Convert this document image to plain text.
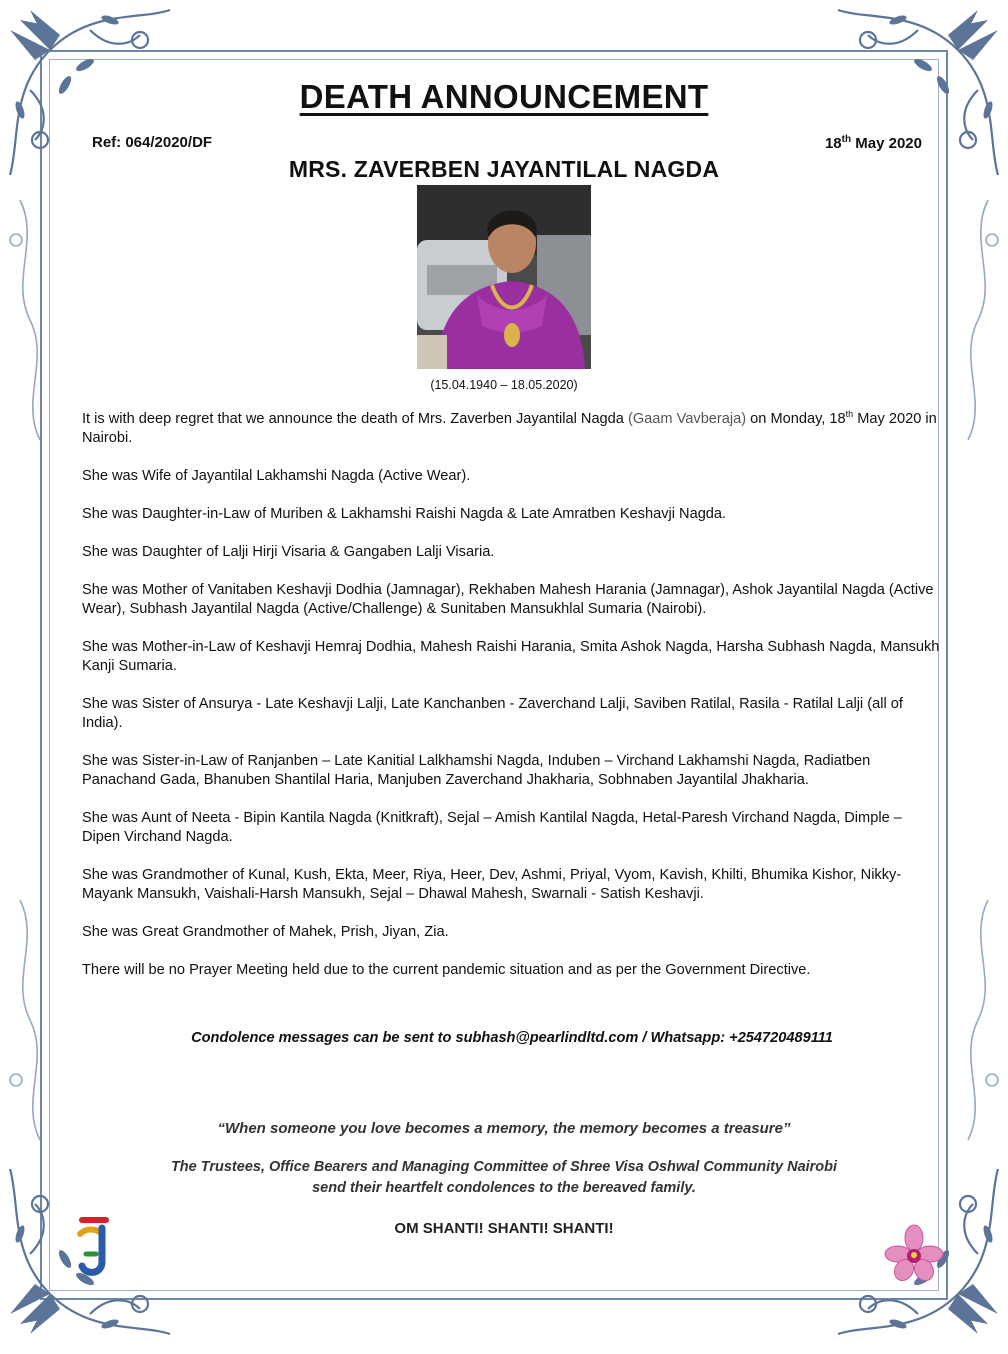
DEATH ANNOUNCEMENT
Ref: 064/2020/DF	18th May 2020
MRS. ZAVERBEN JAYANTILAL NAGDA
(15.04.1940 – 18.05.2020)

It is with deep regret that we announce the death of Mrs. Zaverben Jayantilal Nagda (Gaam Vavberaja) on Monday, 18th May 2020 in Nairobi.

She was Wife of Jayantilal Lakhamshi Nagda (Active Wear).

She was Daughter-in-Law of Muriben & Lakhamshi Raishi Nagda & Late Amratben Keshavji Nagda.

She was Daughter of Lalji Hirji Visaria & Gangaben Lalji Visaria.

She was Mother of Vanitaben Keshavji Dodhia (Jamnagar), Rekhaben Mahesh Harania (Jamnagar), Ashok Jayantilal Nagda (Active Wear), Subhash Jayantilal Nagda (Active/Challenge) & Sunitaben Mansukhlal Sumaria (Nairobi).

She was Mother-in-Law of Keshavji Hemraj Dodhia, Mahesh Raishi Harania, Smita Ashok Nagda, Harsha Subhash Nagda, Mansukh Kanji Sumaria.

She was Sister of Ansurya - Late Keshavji Lalji, Late Kanchanben - Zaverchand Lalji, Saviben Ratilal, Rasila - Ratilal Lalji (all of India).

She was Sister-in-Law of Ranjanben – Late Kanitial Lalkhamshi Nagda, Induben – Virchand Lakhamshi Nagda, Radiatben Panachand Gada, Bhanuben Shantilal Haria, Manjuben Zaverchand Jhakharia, Sobhnaben Jayantilal Jhakharia.

She was Aunt of Neeta - Bipin Kantila Nagda (Knitkraft), Sejal – Amish Kantilal Nagda, Hetal-Paresh Virchand Nagda, Dimple – Dipen Virchand Nagda.

She was Grandmother of Kunal, Kush, Ekta, Meer, Riya, Heer, Dev, Ashmi, Priyal, Vyom, Kavish, Khilti, Bhumika Kishor, Nikky-Mayank Mansukh, Vaishali-Harsh Mansukh, Sejal – Dhawal Mahesh, Swarnali - Satish Keshavji.

She was Great Grandmother of Mahek, Prish, Jiyan, Zia.

There will be no Prayer Meeting held due to the current pandemic situation and as per the Government Directive.

Condolence messages can be sent to subhash@pearlindltd.com / Whatsapp: +254720489111
“When someone you love becomes a memory, the memory becomes a treasure”
The Trustees, Office Bearers and Managing Committee of Shree Visa Oshwal Community Nairobi
send their heartfelt condolences to the bereaved family.
OM SHANTI! SHANTI! SHANTI!
